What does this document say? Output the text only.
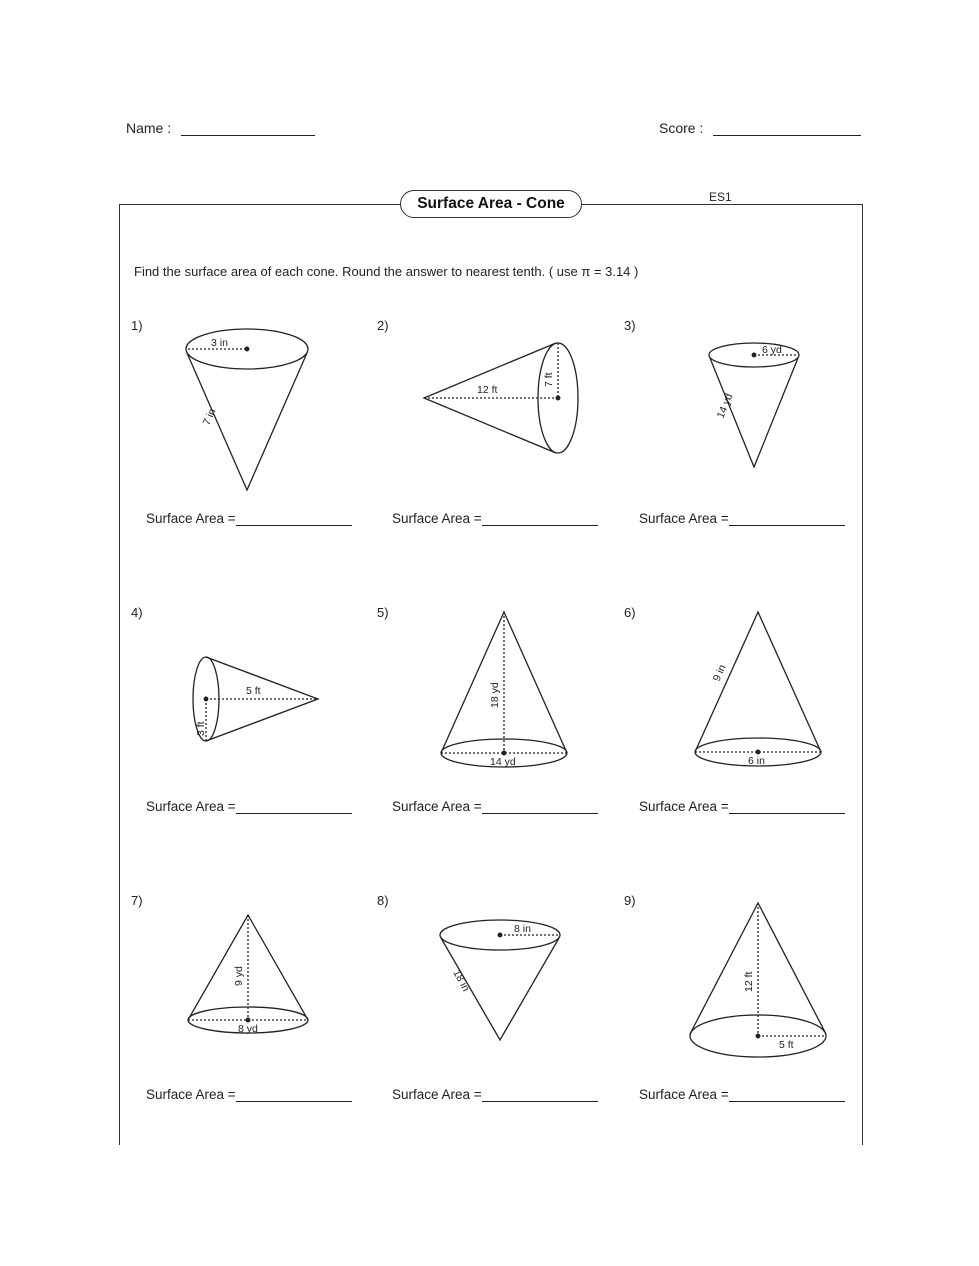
Name :	Score :
Surface Area - Cone	ES1
Find the surface area of each cone. Round the answer to nearest tenth. ( use π = 3.14 )
1)	2)	3)
4)	5)	6)
7)	8)	9)
Surface Area =	Surface Area =	Surface Area =
Surface Area =	Surface Area =	Surface Area =
Surface Area =	Surface Area =	Surface Area =
3 in
7 in
12 ft
7 ft
6 yd
14 yd
5 ft
3 ft
18 yd
14 yd
9 in
6 in
9 yd
8 yd
8 in
18 in	12 ft
5 ft
